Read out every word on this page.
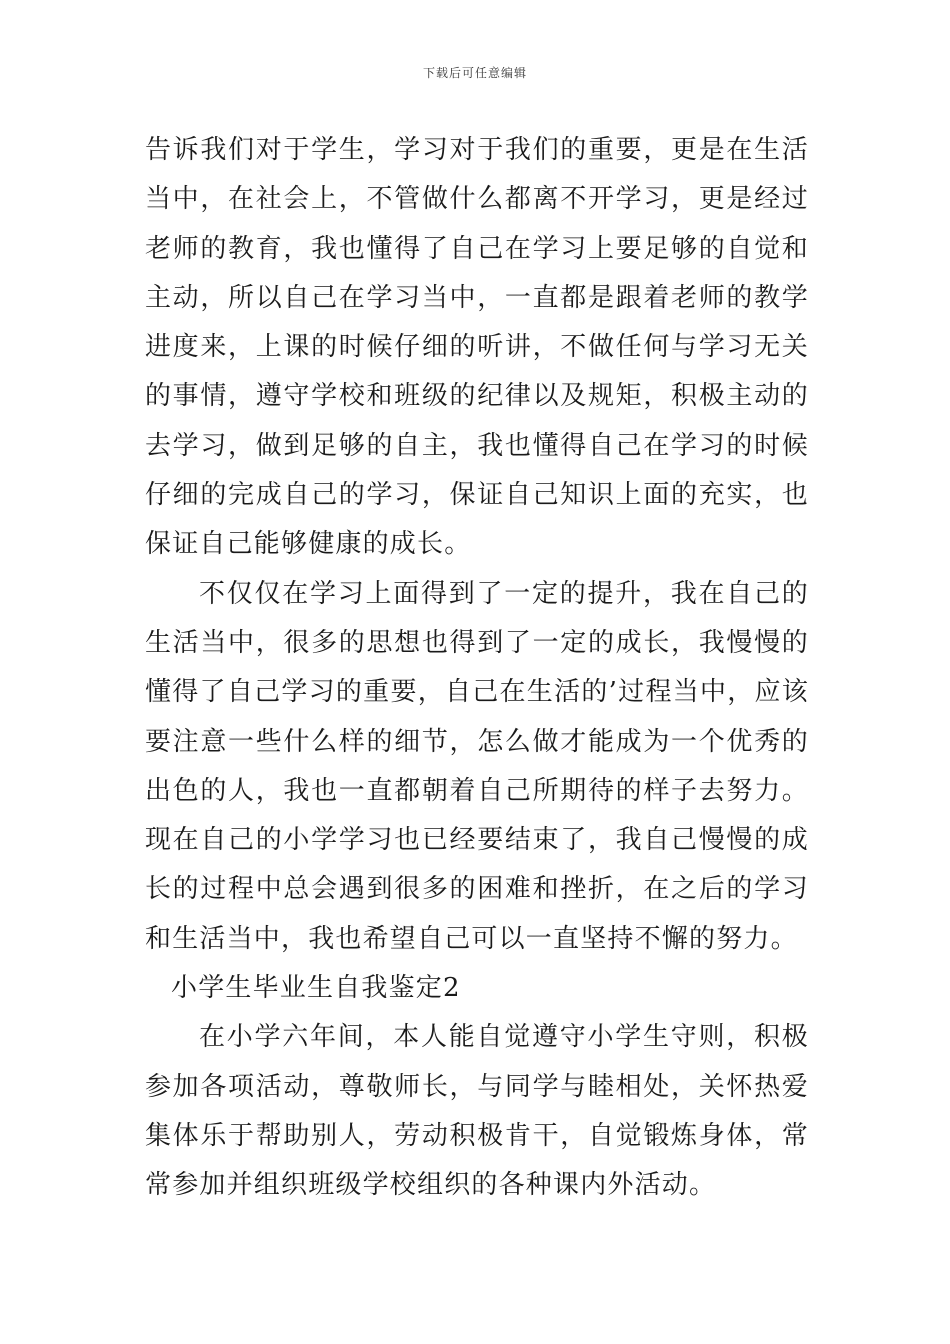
下载后可任意编辑

告诉我们对于学生，学习对于我们的重要，更是在生活当中，在社会上，不管做什么都离不开学习，更是经过老师的教育，我也懂得了自己在学习上要足够的自觉和主动，所以自己在学习当中，一直都是跟着老师的教学进度来，上课的时候仔细的听讲，不做任何与学习无关的事情，遵守学校和班级的纪律以及规矩，积极主动的去学习，做到足够的自主，我也懂得自己在学习的时候仔细的完成自己的学习，保证自己知识上面的充实，也保证自己能够健康的成长。

不仅仅在学习上面得到了一定的提升，我在自己的生活当中，很多的思想也得到了一定的成长，我慢慢的懂得了自己学习的重要，自己在生活的’过程当中，应该要注意一些什么样的细节，怎么做才能成为一个优秀的出色的人，我也一直都朝着自己所期待的样子去努力。现在自己的小学学习也已经要结束了，我自己慢慢的成长的过程中总会遇到很多的困难和挫折，在之后的学习和生活当中，我也希望自己可以一直坚持不懈的努力。

小学生毕业生自我鉴定2

在小学六年间，本人能自觉遵守小学生守则，积极参加各项活动，尊敬师长，与同学与睦相处，关怀热爱集体乐于帮助别人，劳动积极肯干，自觉锻炼身体，常常参加并组织班级学校组织的各种课内外活动。
